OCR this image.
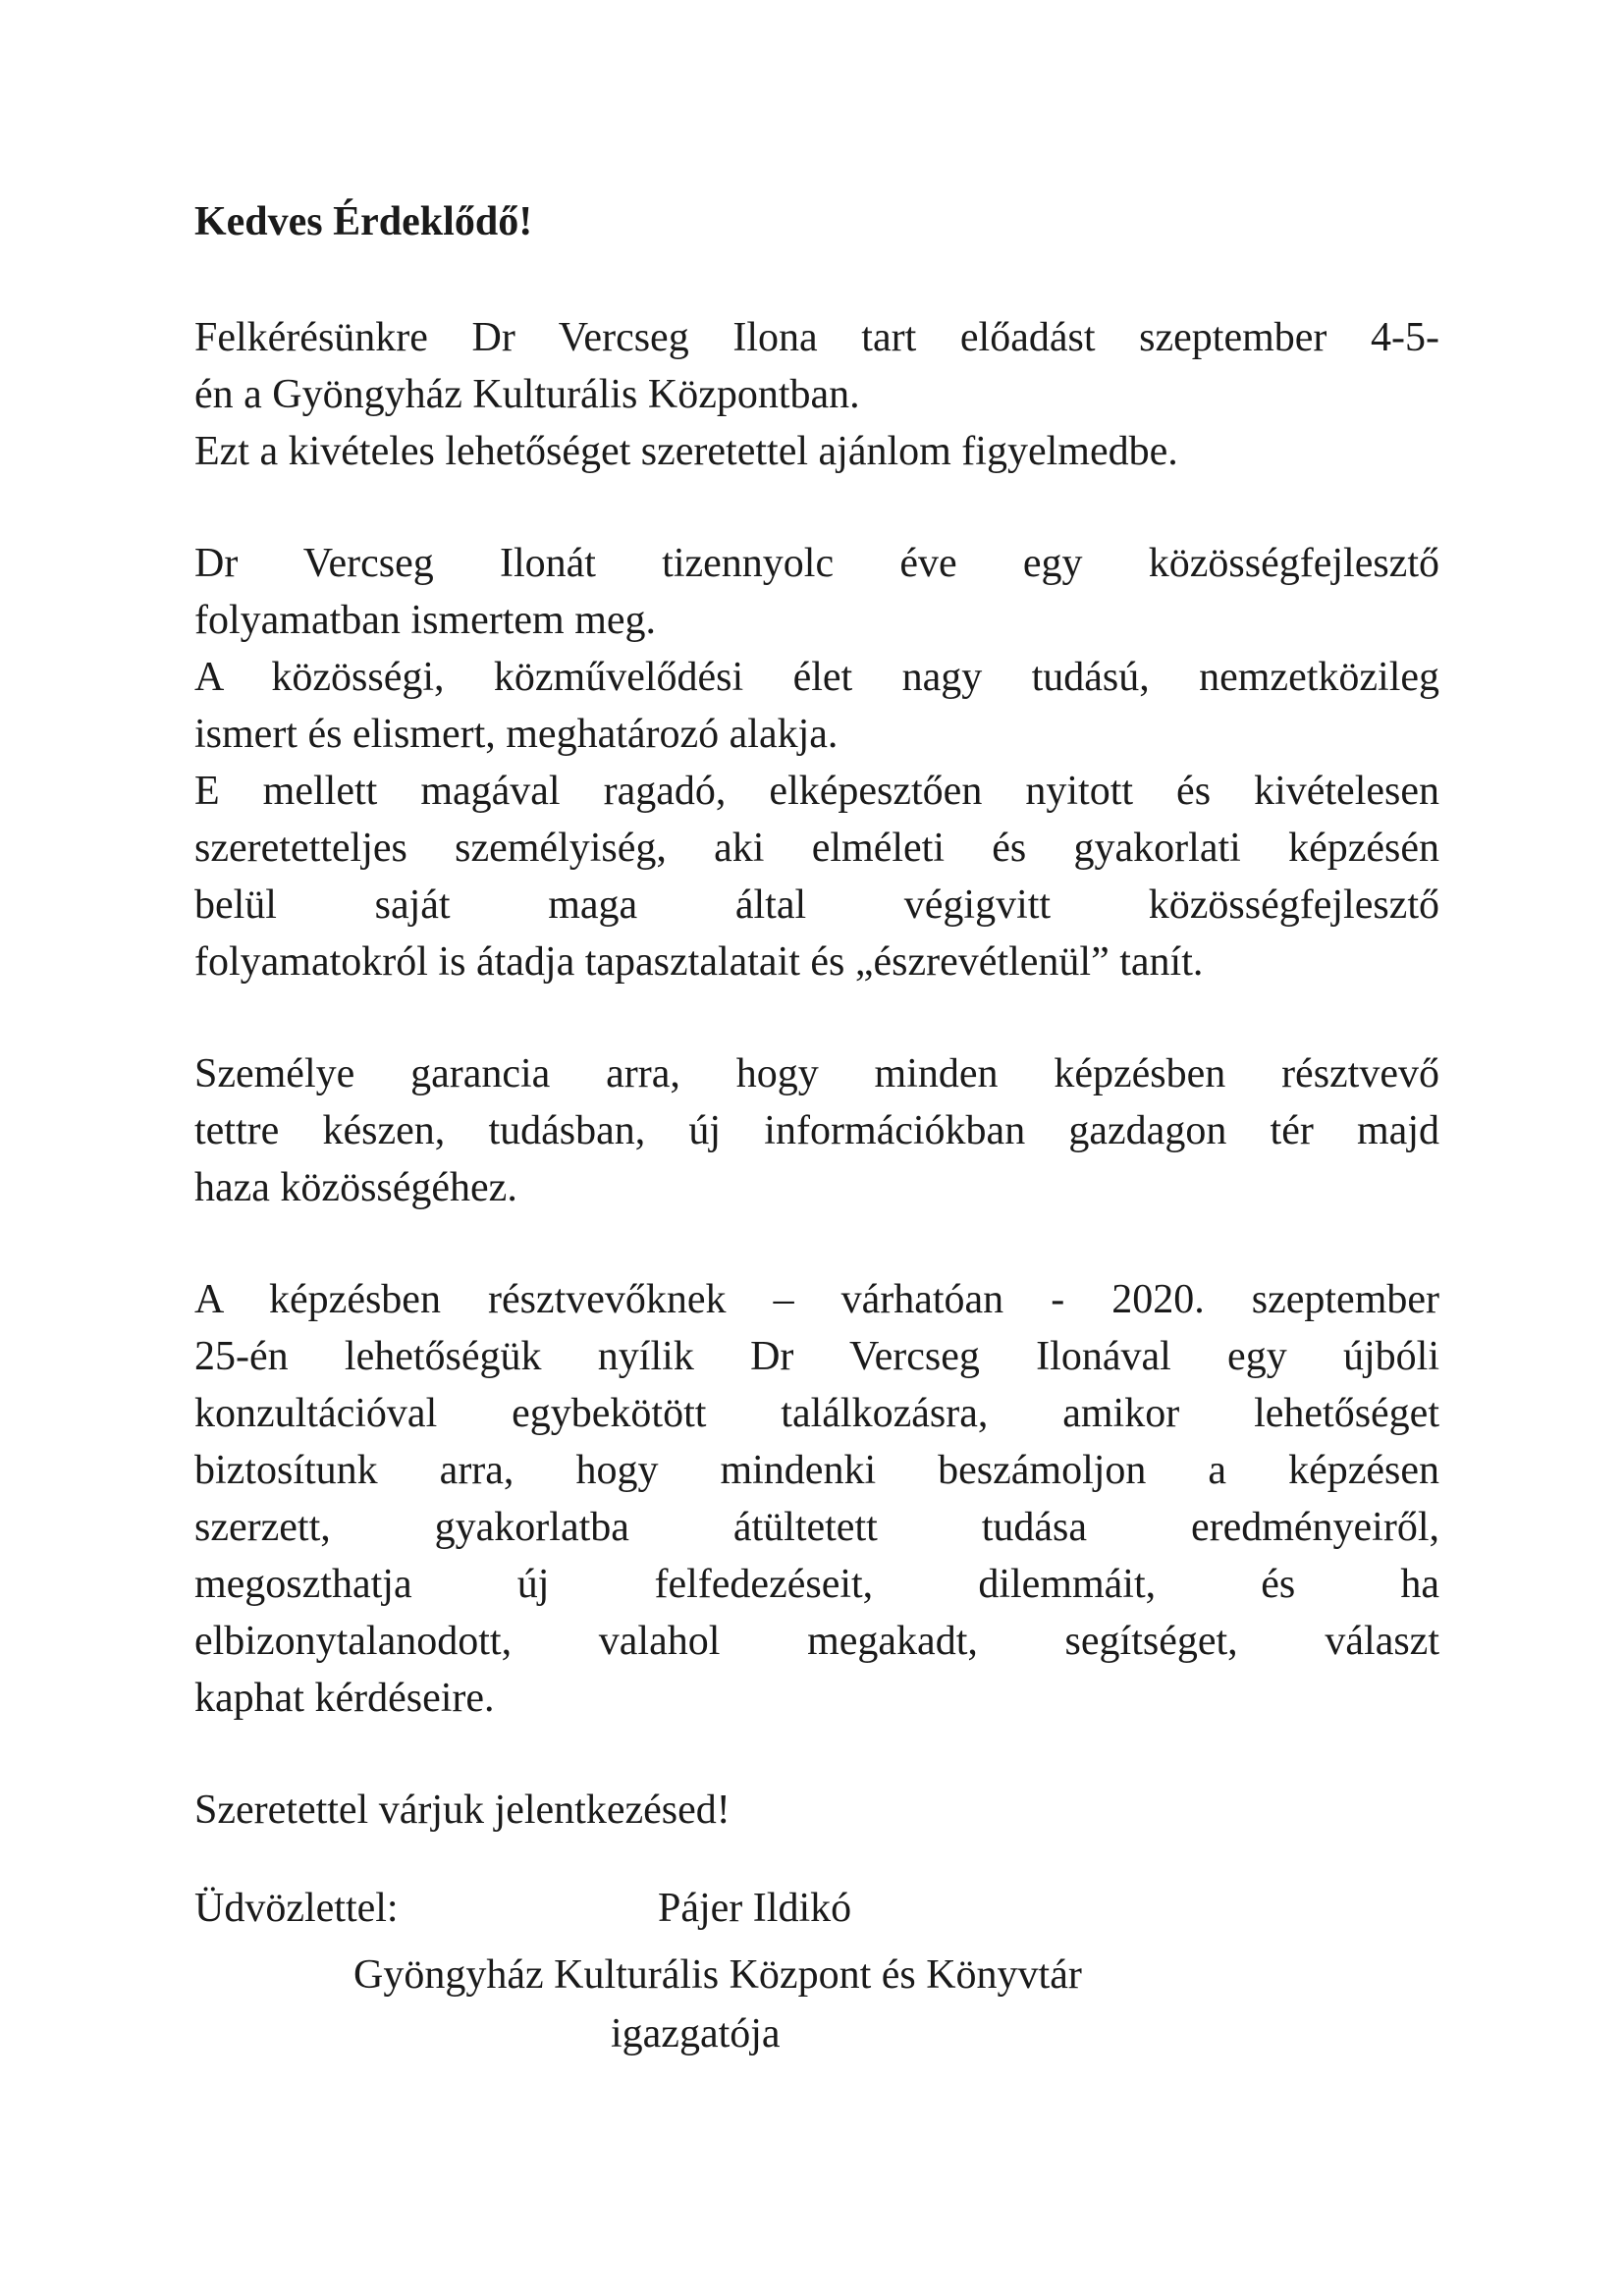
Kedves Érdeklődő!
Felkérésünkre Dr Vercseg Ilona tart előadást szeptember 4-5-
én a Gyöngyház Kulturális Központban.
Ezt a kivételes lehetőséget szeretettel ajánlom figyelmedbe.
Dr Vercseg Ilonát tizennyolc éve egy közösségfejlesztő
folyamatban ismertem meg.
A közösségi, közművelődési élet nagy tudású, nemzetközileg
ismert és elismert, meghatározó alakja.
E mellett magával ragadó, elképesztően nyitott és kivételesen
szeretetteljes személyiség, aki elméleti és gyakorlati képzésén
belül saját maga által végigvitt közösségfejlesztő
folyamatokról is átadja tapasztalatait és „észrevétlenül” tanít.
Személye garancia arra, hogy minden képzésben résztvevő
tettre készen, tudásban, új információkban gazdagon tér majd
haza közösségéhez.
A képzésben résztvevőknek – várhatóan - 2020. szeptember
25-én lehetőségük nyílik Dr Vercseg Ilonával egy újbóli
konzultációval egybekötött találkozásra, amikor lehetőséget
biztosítunk arra, hogy mindenki beszámoljon a képzésen
szerzett, gyakorlatba átültetett tudása eredményeiről,
megoszthatja új felfedezéseit, dilemmáit, és ha
elbizonytalanodott, valahol megakadt, segítséget, választ
kaphat kérdéseire.
Szeretettel várjuk jelentkezésed!
Üdvözlettel:	Pájer Ildikó
Gyöngyház Kulturális Központ és Könyvtár
igazgatója
